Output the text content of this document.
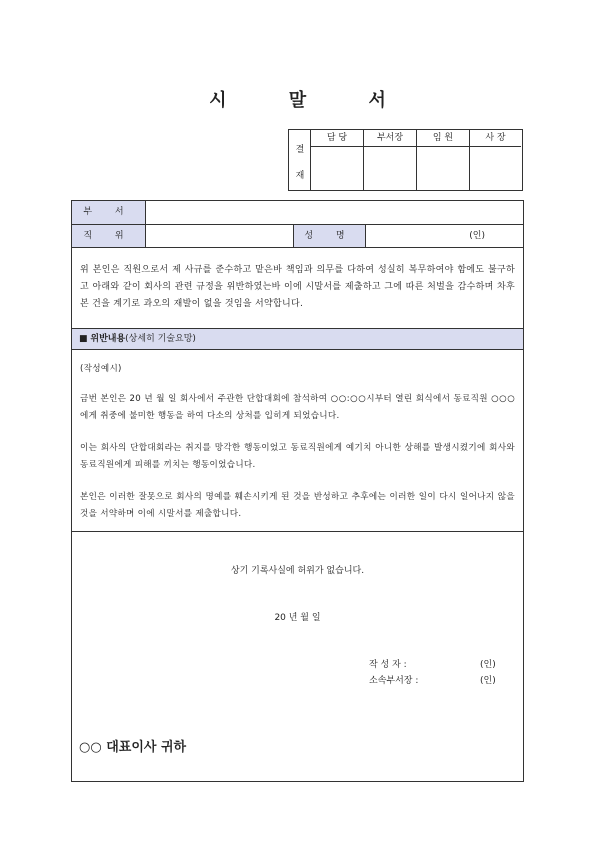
시 말 서
결
재
담 당	부서장	임 원	사 장
부 서
직 위	성 명	(인)
위 본인은 직원으로서 제 사규를 준수하고 맡은바 책임과 의무를 다하여 성실히 복무하여야 함에도 불구하고 아래와 같이 회사의 관련 규정을 위반하였는바 이에 시말서를 제출하고 그에 따른 처벌을 감수하며 차후 본 건을 계기로 과오의 재발이 없을 것임을 서약합니다.
■ 위반내용(상세히 기술요망)
(작성예시)
금번 본인은 20 년 월 일 회사에서 주관한 단합대회에 참석하여 ○○:○○시부터 열린 회식에서 동료직원 ○○○에게 취중에 불미한 행동을 하여 다소의 상처를 입히게 되었습니다.
이는 회사의 단합대회라는 취지를 망각한 행동이었고 동료직원에게 예기치 아니한 상해를 발생시켰기에 회사와 동료직원에게 피해를 끼치는 행동이었습니다.
본인은 이러한 잘못으로 회사의 명예를 훼손시키게 된 것을 반성하고 추후에는 이러한 일이 다시 일어나지 않을 것을 서약하며 이에 시말서를 제출합니다.
상기 기록사실에 허위가 없습니다.
20 년 월 일
작 성 자 :	(인)
소속부서장 :	(인)
○○ 대표이사 귀하
